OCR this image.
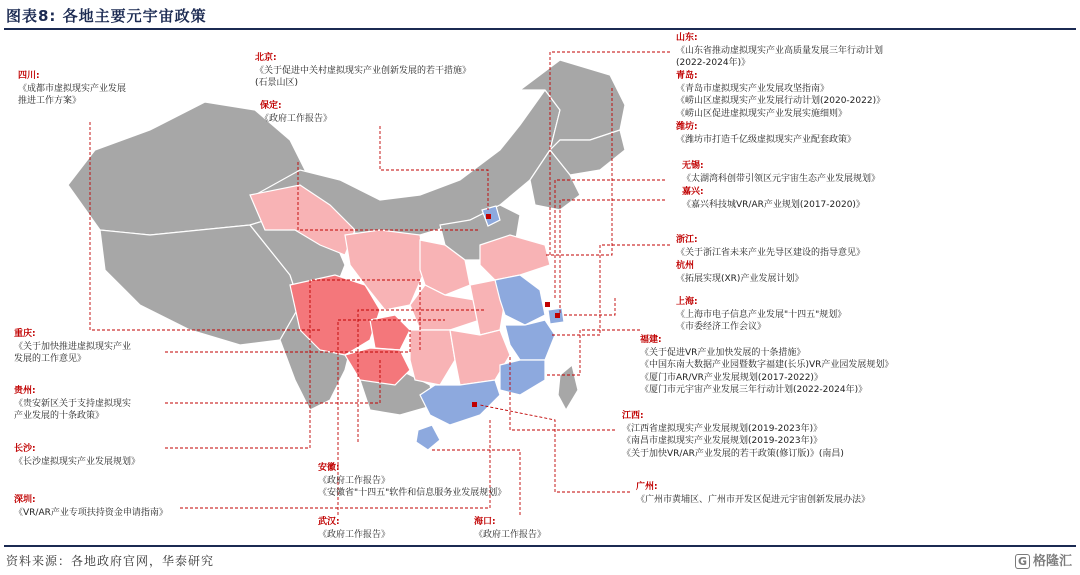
图表8: 各地主要元宇宙政策
四川:
《成都市虚拟现实产业发展
推进工作方案》
北京:
《关于促进中关村虚拟现实产业创新发展的若干措施》
(石景山区)
保定:
《政府工作报告》
重庆:
《关于加快推进虚拟现实产业
发展的工作意见》
贵州:
《贵安新区关于支持虚拟现实
产业发展的十条政策》
长沙:
《长沙虚拟现实产业发展规划》
深圳:
《VR/AR产业专项扶持资金申请指南》
安徽:
《政府工作报告》
《安徽省"十四五"软件和信息服务业发展规划》
武汉:
《政府工作报告》
海口:
《政府工作报告》
山东:
《山东省推动虚拟现实产业高质量发展三年行动计划
(2022-2024年)》
青岛:
《青岛市虚拟现实产业发展攻坚指南》
《崂山区虚拟现实产业发展行动计划(2020-2022)》
《崂山区促进虚拟现实产业发展实施细则》
潍坊:
《潍坊市打造千亿级虚拟现实产业配套政策》
无锡:
《太湖湾科创带引领区元宇宙生态产业发展规划》
嘉兴:
《嘉兴科技城VR/AR产业规划(2017-2020)》
浙江:
《关于浙江省未来产业先导区建设的指导意见》
杭州
《拓展实现(XR)产业发展计划》
上海:
《上海市电子信息产业发展"十四五"规划》
《市委经济工作会议》
福建:
《关于促进VR产业加快发展的十条措施》
《中国东南大数据产业园暨数字福建(长乐)VR产业园发展规划》
《厦门市AR/VR产业发展规划(2017-2022)》
《厦门市元宇宙产业发展三年行动计划(2022-2024年)》
江西:
《江西省虚拟现实产业发展规划(2019-2023年)》
《南昌市虚拟现实产业发展规划(2019-2023年)》
《关于加快VR/AR产业发展的若干政策(修订版)》(南昌)
广州:
《广州市黄埔区、广州市开发区促进元宇宙创新发展办法》
资料来源：各地政府官网，华泰研究	G 格隆汇
